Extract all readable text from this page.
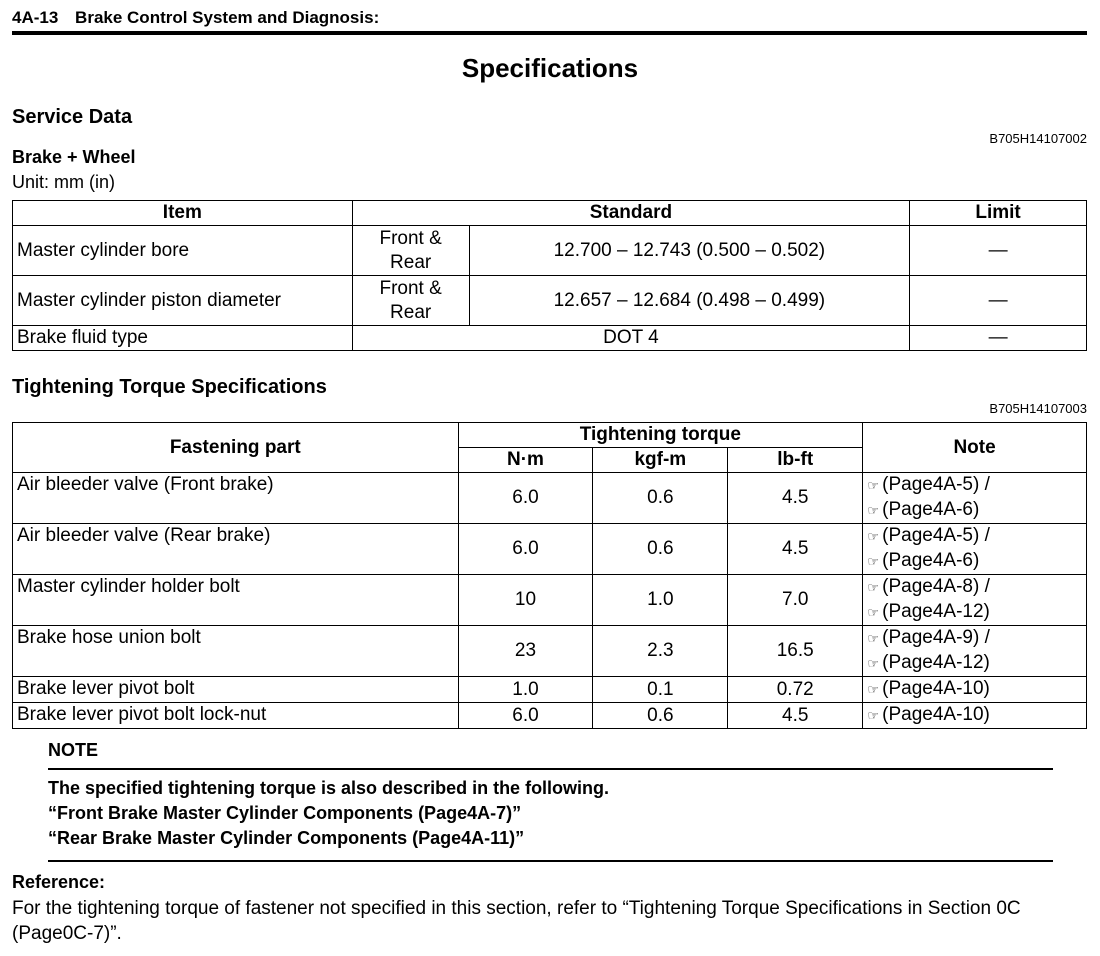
4A-13 Brake Control System and Diagnosis:
Specifications
Service Data
B705H14107002
Brake + Wheel
Unit: mm (in)
Item	Standard		Limit
Master cylinder bore	Front & Rear	12.700 – 12.743 (0.500 – 0.502)	—
Master cylinder piston diameter	Front & Rear	12.657 – 12.684 (0.498 – 0.499)	—
Brake fluid type	DOT 4		—
Tightening Torque Specifications
B705H14107003
Fastening part	Tightening torque			Note
	N·m	kgf-m	lb-ft	
Air bleeder valve (Front brake)	6.0	0.6	4.5	☞ (Page4A-5) /
☞ (Page4A-6)

Air bleeder valve (Rear brake)	6.0	0.6	4.5	☞ (Page4A-5) /
☞ (Page4A-6)

Master cylinder holder bolt	10	1.0	7.0	☞ (Page4A-8) /
☞ (Page4A-12)

Brake hose union bolt	23	2.3	16.5	☞ (Page4A-9) /
☞ (Page4A-12)

Brake lever pivot bolt	1.0	0.1	0.72	☞ (Page4A-10)

Brake lever pivot bolt lock-nut	6.0	0.6	4.5	☞ (Page4A-10)
NOTE
The specified tightening torque is also described in the following.
“Front Brake Master Cylinder Components (Page4A-7)”
“Rear Brake Master Cylinder Components (Page4A-11)”
Reference:
For the tightening torque of fastener not specified in this section, refer to “Tightening Torque Specifications in Section 0C (Page0C-7)”.
